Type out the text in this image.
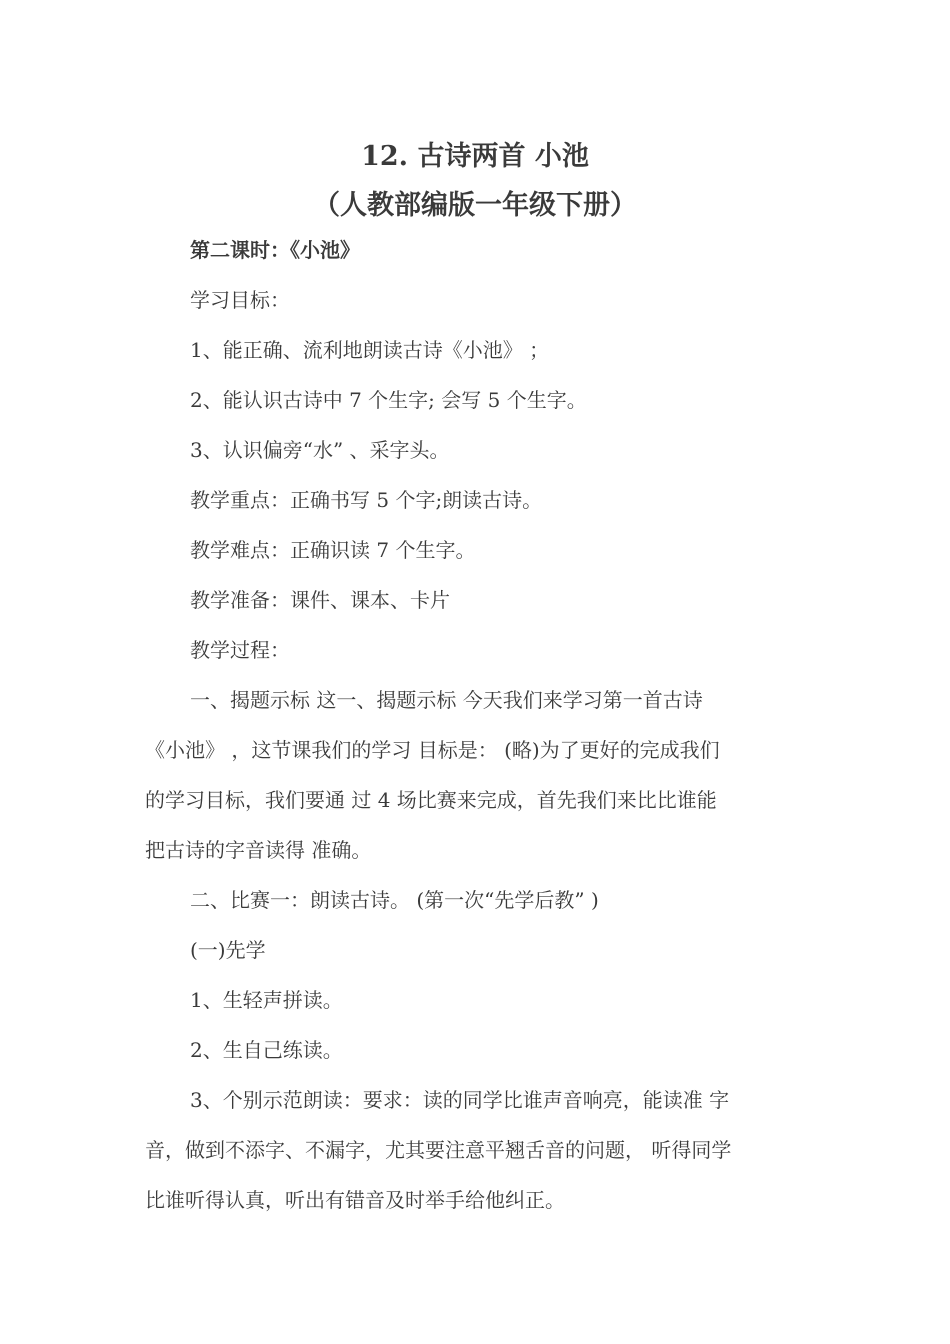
12. 古诗两首 小池
（人教部编版一年级下册）

第二课时：《小池》

学习目标：

1、能正确、流利地朗读古诗《小池》 ；

2、能认识古诗中 7 个生字; 会写 5 个生字。

3、认识偏旁“水” 、采字头。

教学重点：正确书写 5 个字;朗读古诗。

教学难点：正确识读 7 个生字。

教学准备：课件、课本、卡片

教学过程：

一、揭题示标 这一、揭题示标 今天我们来学习第一首古诗

《小池》 ，这节课我们的学习 目标是： (略)为了更好的完成我们

的学习目标，我们要通 过 4 场比赛来完成，首先我们来比比谁能

把古诗的字音读得 准确。

二、比赛一：朗读古诗。 (第一次“先学后教” )

(一)先学

1、生轻声拼读。

2、生自己练读。

3、个别示范朗读：要求：读的同学比谁声音响亮，能读准 字

音，做到不添字、不漏字，尤其要注意平翘舌音的问题， 听得同学

比谁听得认真，听出有错音及时举手给他纠正。
